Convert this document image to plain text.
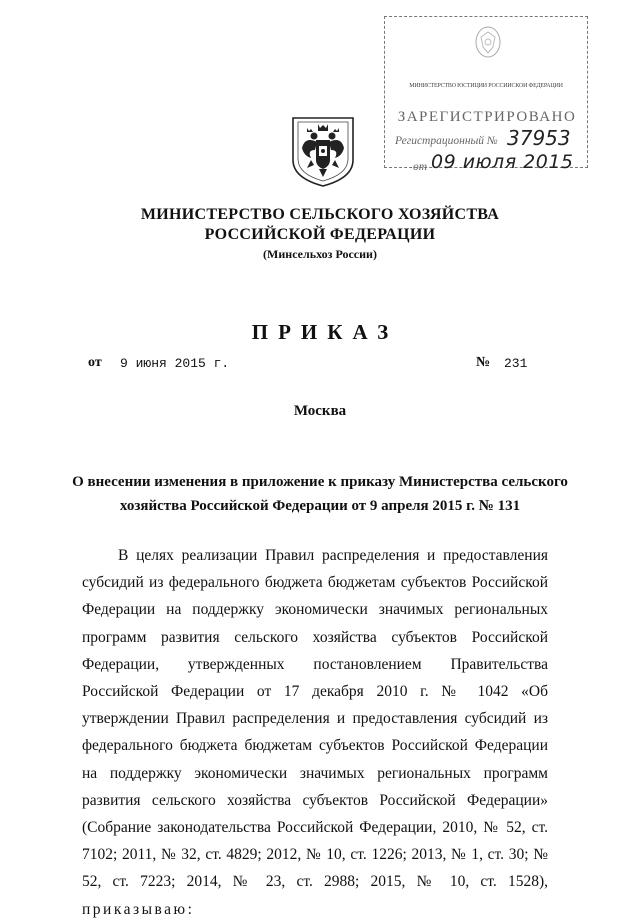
МИНИСТЕРСТВО ЮСТИЦИИ РОССИЙСКОЙ ФЕДЕРАЦИИ
ЗАРЕГИСТРИРОВАНО
Регистрационный № 37953
от 09 июля 2015
МИНИСТЕРСТВО СЕЛЬСКОГО ХОЗЯЙСТВА
РОССИЙСКОЙ ФЕДЕРАЦИИ
(Минсельхоз России)
ПРИКАЗ
от 9 июня 2015 г.	№ 231
Москва
О внесении изменения в приложение к приказу Министерства сельского хозяйства Российской Федерации от 9 апреля 2015 г. № 131
В целях реализации Правил распределения и предоставления субсидий из федерального бюджета бюджетам субъектов Российской Федерации на поддержку экономически значимых региональных программ развития сельского хозяйства субъектов Российской Федерации, утвержденных постановлением Правительства Российской Федерации от 17 декабря 2010 г. № 1042 «Об утверждении Правил распределения и предоставления субсидий из федерального бюджета бюджетам субъектов Российской Федерации на поддержку экономически значимых региональных программ развития сельского хозяйства субъектов Российской Федерации» (Собрание законодательства Российской Федерации, 2010, № 52, ст. 7102; 2011, № 32, ст. 4829; 2012, № 10, ст. 1226; 2013, № 1, ст. 30; № 52, ст. 7223; 2014, № 23, ст. 2988; 2015, № 10, ст. 1528), приказываю:
